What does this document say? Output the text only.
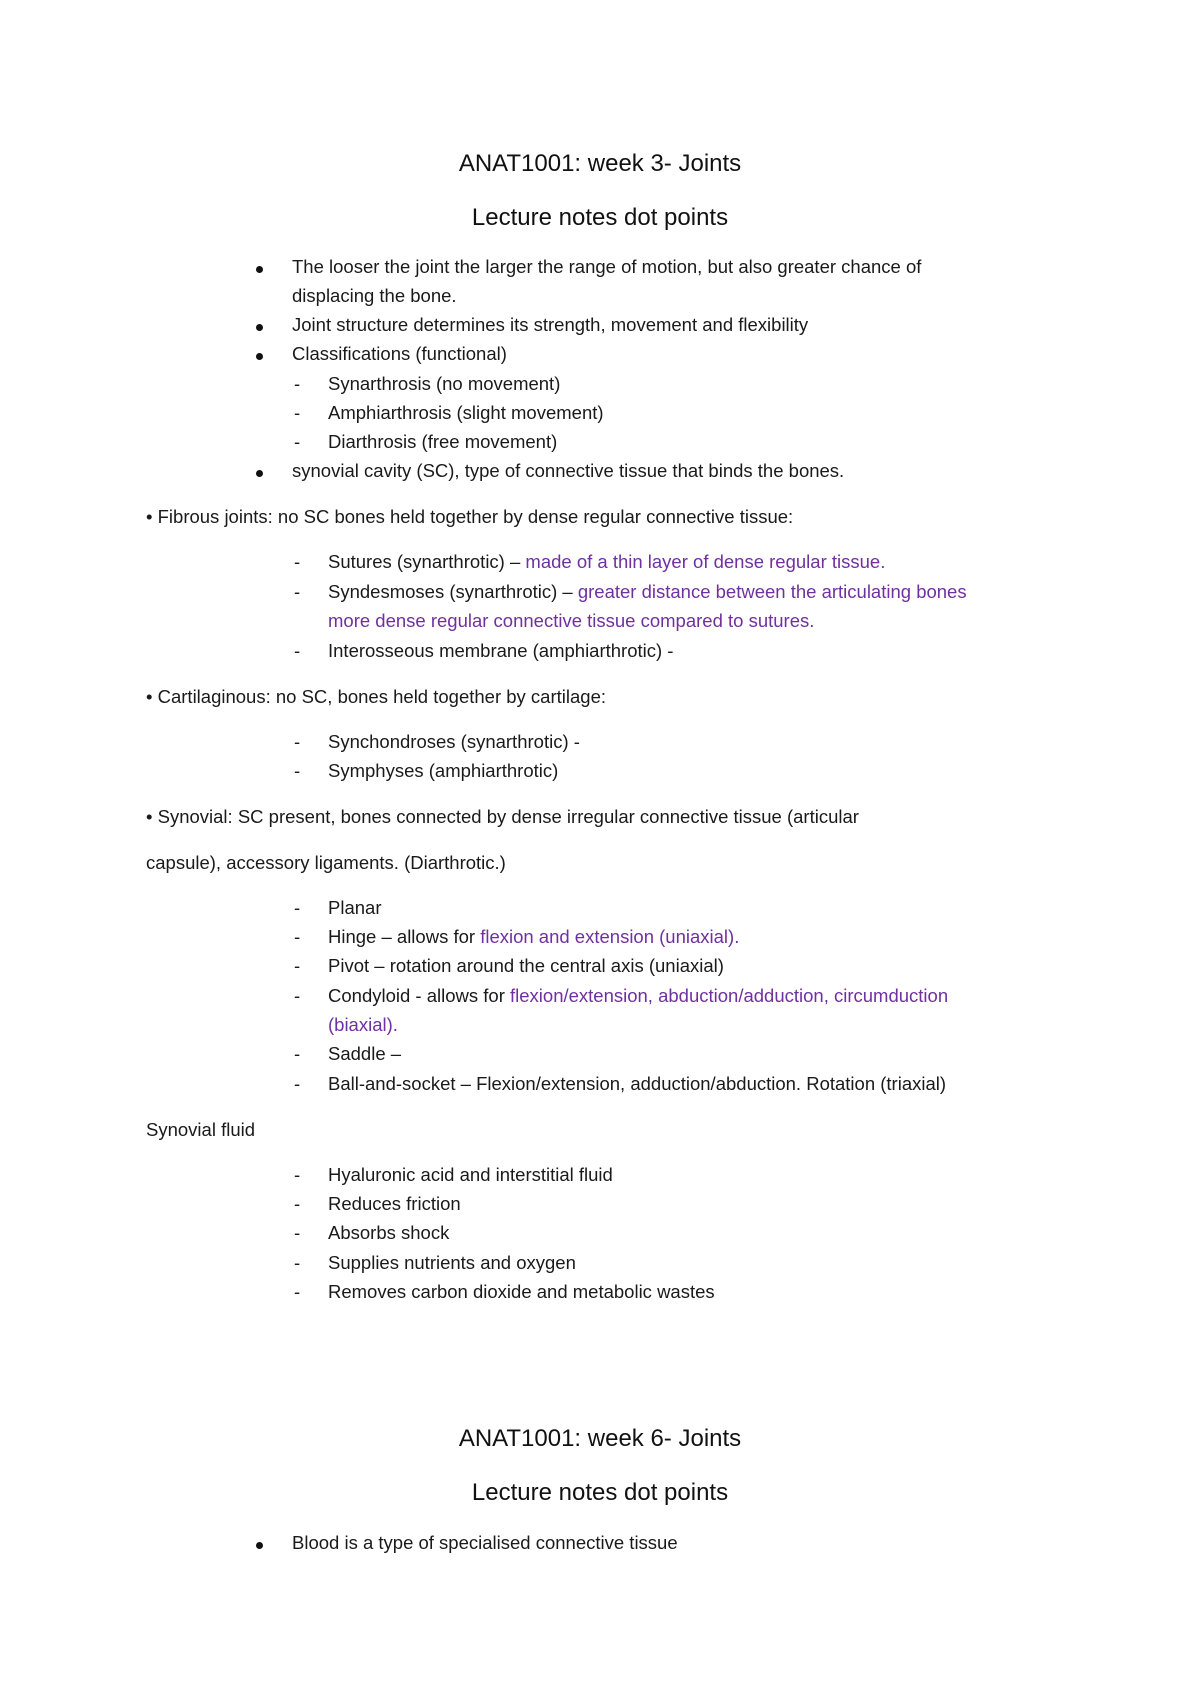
ANAT1001: week 3- Joints
Lecture notes dot points
The looser the joint the larger the range of motion, but also greater chance of
displacing the bone.
Joint structure determines its strength, movement and flexibility
Classifications (functional)
- Synarthrosis (no movement)
- Amphiarthrosis (slight movement)
- Diarthrosis (free movement)
synovial cavity (SC), type of connective tissue that binds the bones.
• Fibrous joints: no SC bones held together by dense regular connective tissue:
- Sutures (synarthrotic) – made of a thin layer of dense regular tissue.
- Syndesmoses (synarthrotic) – greater distance between the articulating bones
more dense regular connective tissue compared to sutures.
- Interosseous membrane (amphiarthrotic) -
• Cartilaginous: no SC, bones held together by cartilage:
- Synchondroses (synarthrotic) -
- Symphyses (amphiarthrotic)
• Synovial: SC present, bones connected by dense irregular connective tissue (articular
capsule), accessory ligaments. (Diarthrotic.)
- Planar
- Hinge – allows for flexion and extension (uniaxial).
- Pivot – rotation around the central axis (uniaxial)
- Condyloid - allows for flexion/extension, abduction/adduction, circumduction
(biaxial).
- Saddle –
- Ball-and-socket – Flexion/extension, adduction/abduction. Rotation (triaxial)
Synovial fluid
- Hyaluronic acid and interstitial fluid
- Reduces friction
- Absorbs shock
- Supplies nutrients and oxygen
- Removes carbon dioxide and metabolic wastes
ANAT1001: week 6- Joints
Lecture notes dot points
Blood is a type of specialised connective tissue
